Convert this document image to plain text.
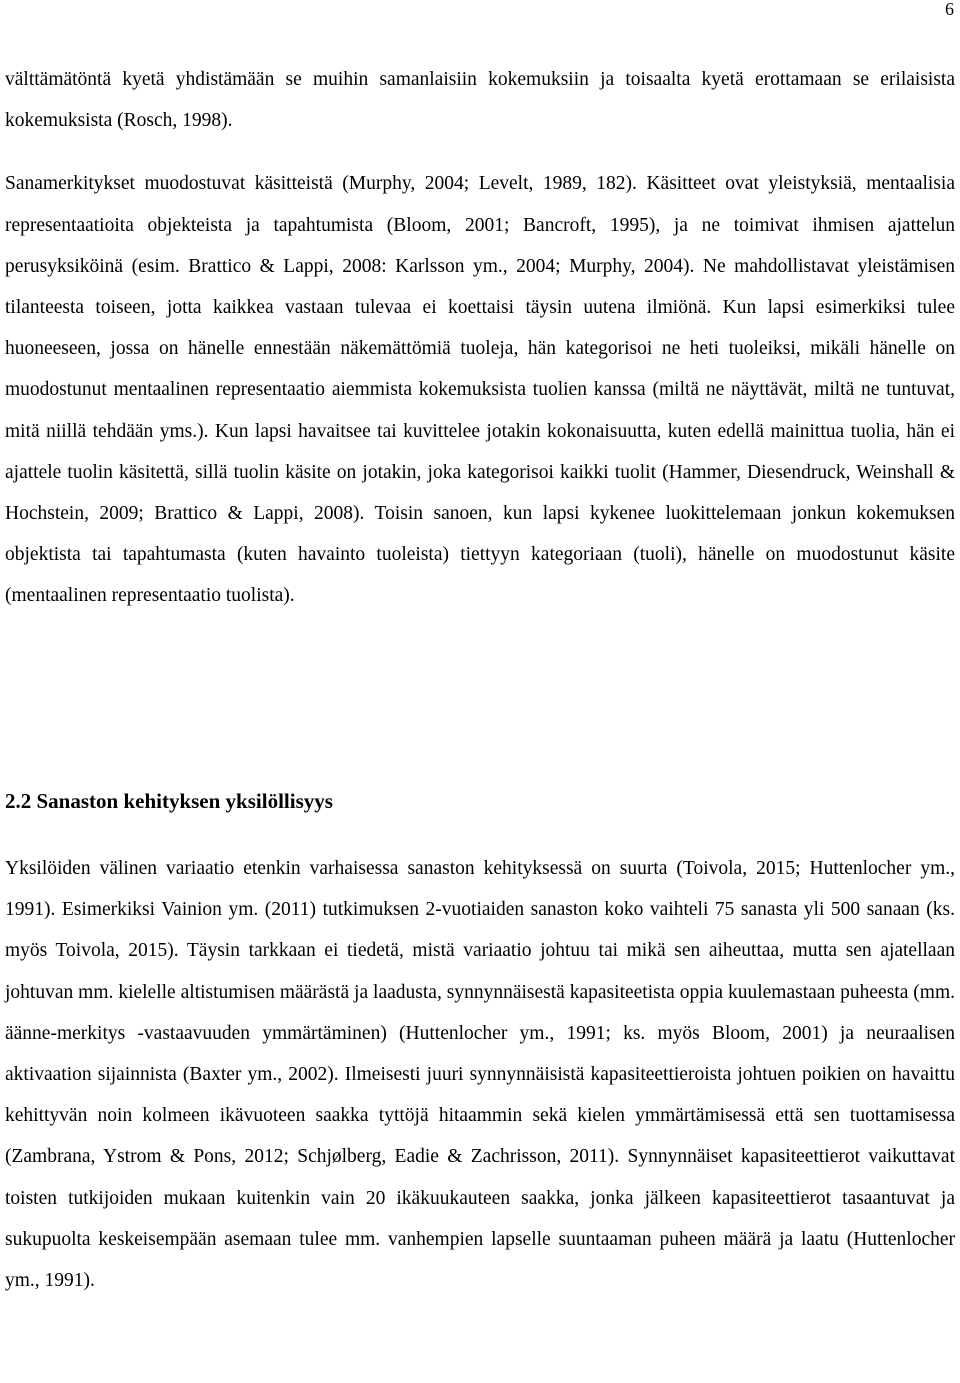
6

välttämätöntä kyetä yhdistämään se muihin samanlaisiin kokemuksiin ja toisaalta kyetä erottamaan se erilaisista kokemuksista (Rosch, 1998).

Sanamerkitykset muodostuvat käsitteistä (Murphy, 2004; Levelt, 1989, 182). Käsitteet ovat yleistyksiä, mentaalisia representaatioita objekteista ja tapahtumista (Bloom, 2001; Bancroft, 1995), ja ne toimivat ihmisen ajattelun perusyksiköinä (esim. Brattico & Lappi, 2008: Karlsson ym., 2004; Murphy, 2004). Ne mahdollistavat yleistämisen tilanteesta toiseen, jotta kaikkea vastaan tulevaa ei koettaisi täysin uutena ilmiönä. Kun lapsi esimerkiksi tulee huoneeseen, jossa on hänelle ennestään näkemättömiä tuoleja, hän kategorisoi ne heti tuoleiksi, mikäli hänelle on muodostunut mentaalinen representaatio aiemmista kokemuksista tuolien kanssa (miltä ne näyttävät, miltä ne tuntuvat, mitä niillä tehdään yms.). Kun lapsi havaitsee tai kuvittelee jotakin kokonaisuutta, kuten edellä mainittua tuolia, hän ei ajattele tuolin käsitettä, sillä tuolin käsite on jotakin, joka kategorisoi kaikki tuolit (Hammer, Diesendruck, Weinshall & Hochstein, 2009; Brattico & Lappi, 2008). Toisin sanoen, kun lapsi kykenee luokittelemaan jonkun kokemuksen objektista tai tapahtumasta (kuten havainto tuoleista) tiettyyn kategoriaan (tuoli), hänelle on muodostunut käsite (mentaalinen representaatio tuolista).

2.2 Sanaston kehityksen yksilöllisyys

Yksilöiden välinen variaatio etenkin varhaisessa sanaston kehityksessä on suurta (Toivola, 2015; Huttenlocher ym., 1991). Esimerkiksi Vainion ym. (2011) tutkimuksen 2-vuotiaiden sanaston koko vaihteli 75 sanasta yli 500 sanaan (ks. myös Toivola, 2015). Täysin tarkkaan ei tiedetä, mistä variaatio johtuu tai mikä sen aiheuttaa, mutta sen ajatellaan johtuvan mm. kielelle altistumisen määrästä ja laadusta, synnynnäisestä kapasiteetista oppia kuulemastaan puheesta (mm. äänne-merkitys -vastaavuuden ymmärtäminen) (Huttenlocher ym., 1991; ks. myös Bloom, 2001) ja neuraalisen aktivaation sijainnista (Baxter ym., 2002). Ilmeisesti juuri synnynnäisistä kapasiteettieroista johtuen poikien on havaittu kehittyvän noin kolmeen ikävuoteen saakka tyttöjä hitaammin sekä kielen ymmärtämisessä että sen tuottamisessa (Zambrana, Ystrom & Pons, 2012; Schjølberg, Eadie & Zachrisson, 2011). Synnynnäiset kapasiteettierot vaikuttavat toisten tutkijoiden mukaan kuitenkin vain 20 ikäkuukauteen saakka, jonka jälkeen kapasiteettierot tasaantuvat ja sukupuolta keskeisempään asemaan tulee mm. vanhempien lapselle suuntaaman puheen määrä ja laatu (Huttenlocher ym., 1991).
